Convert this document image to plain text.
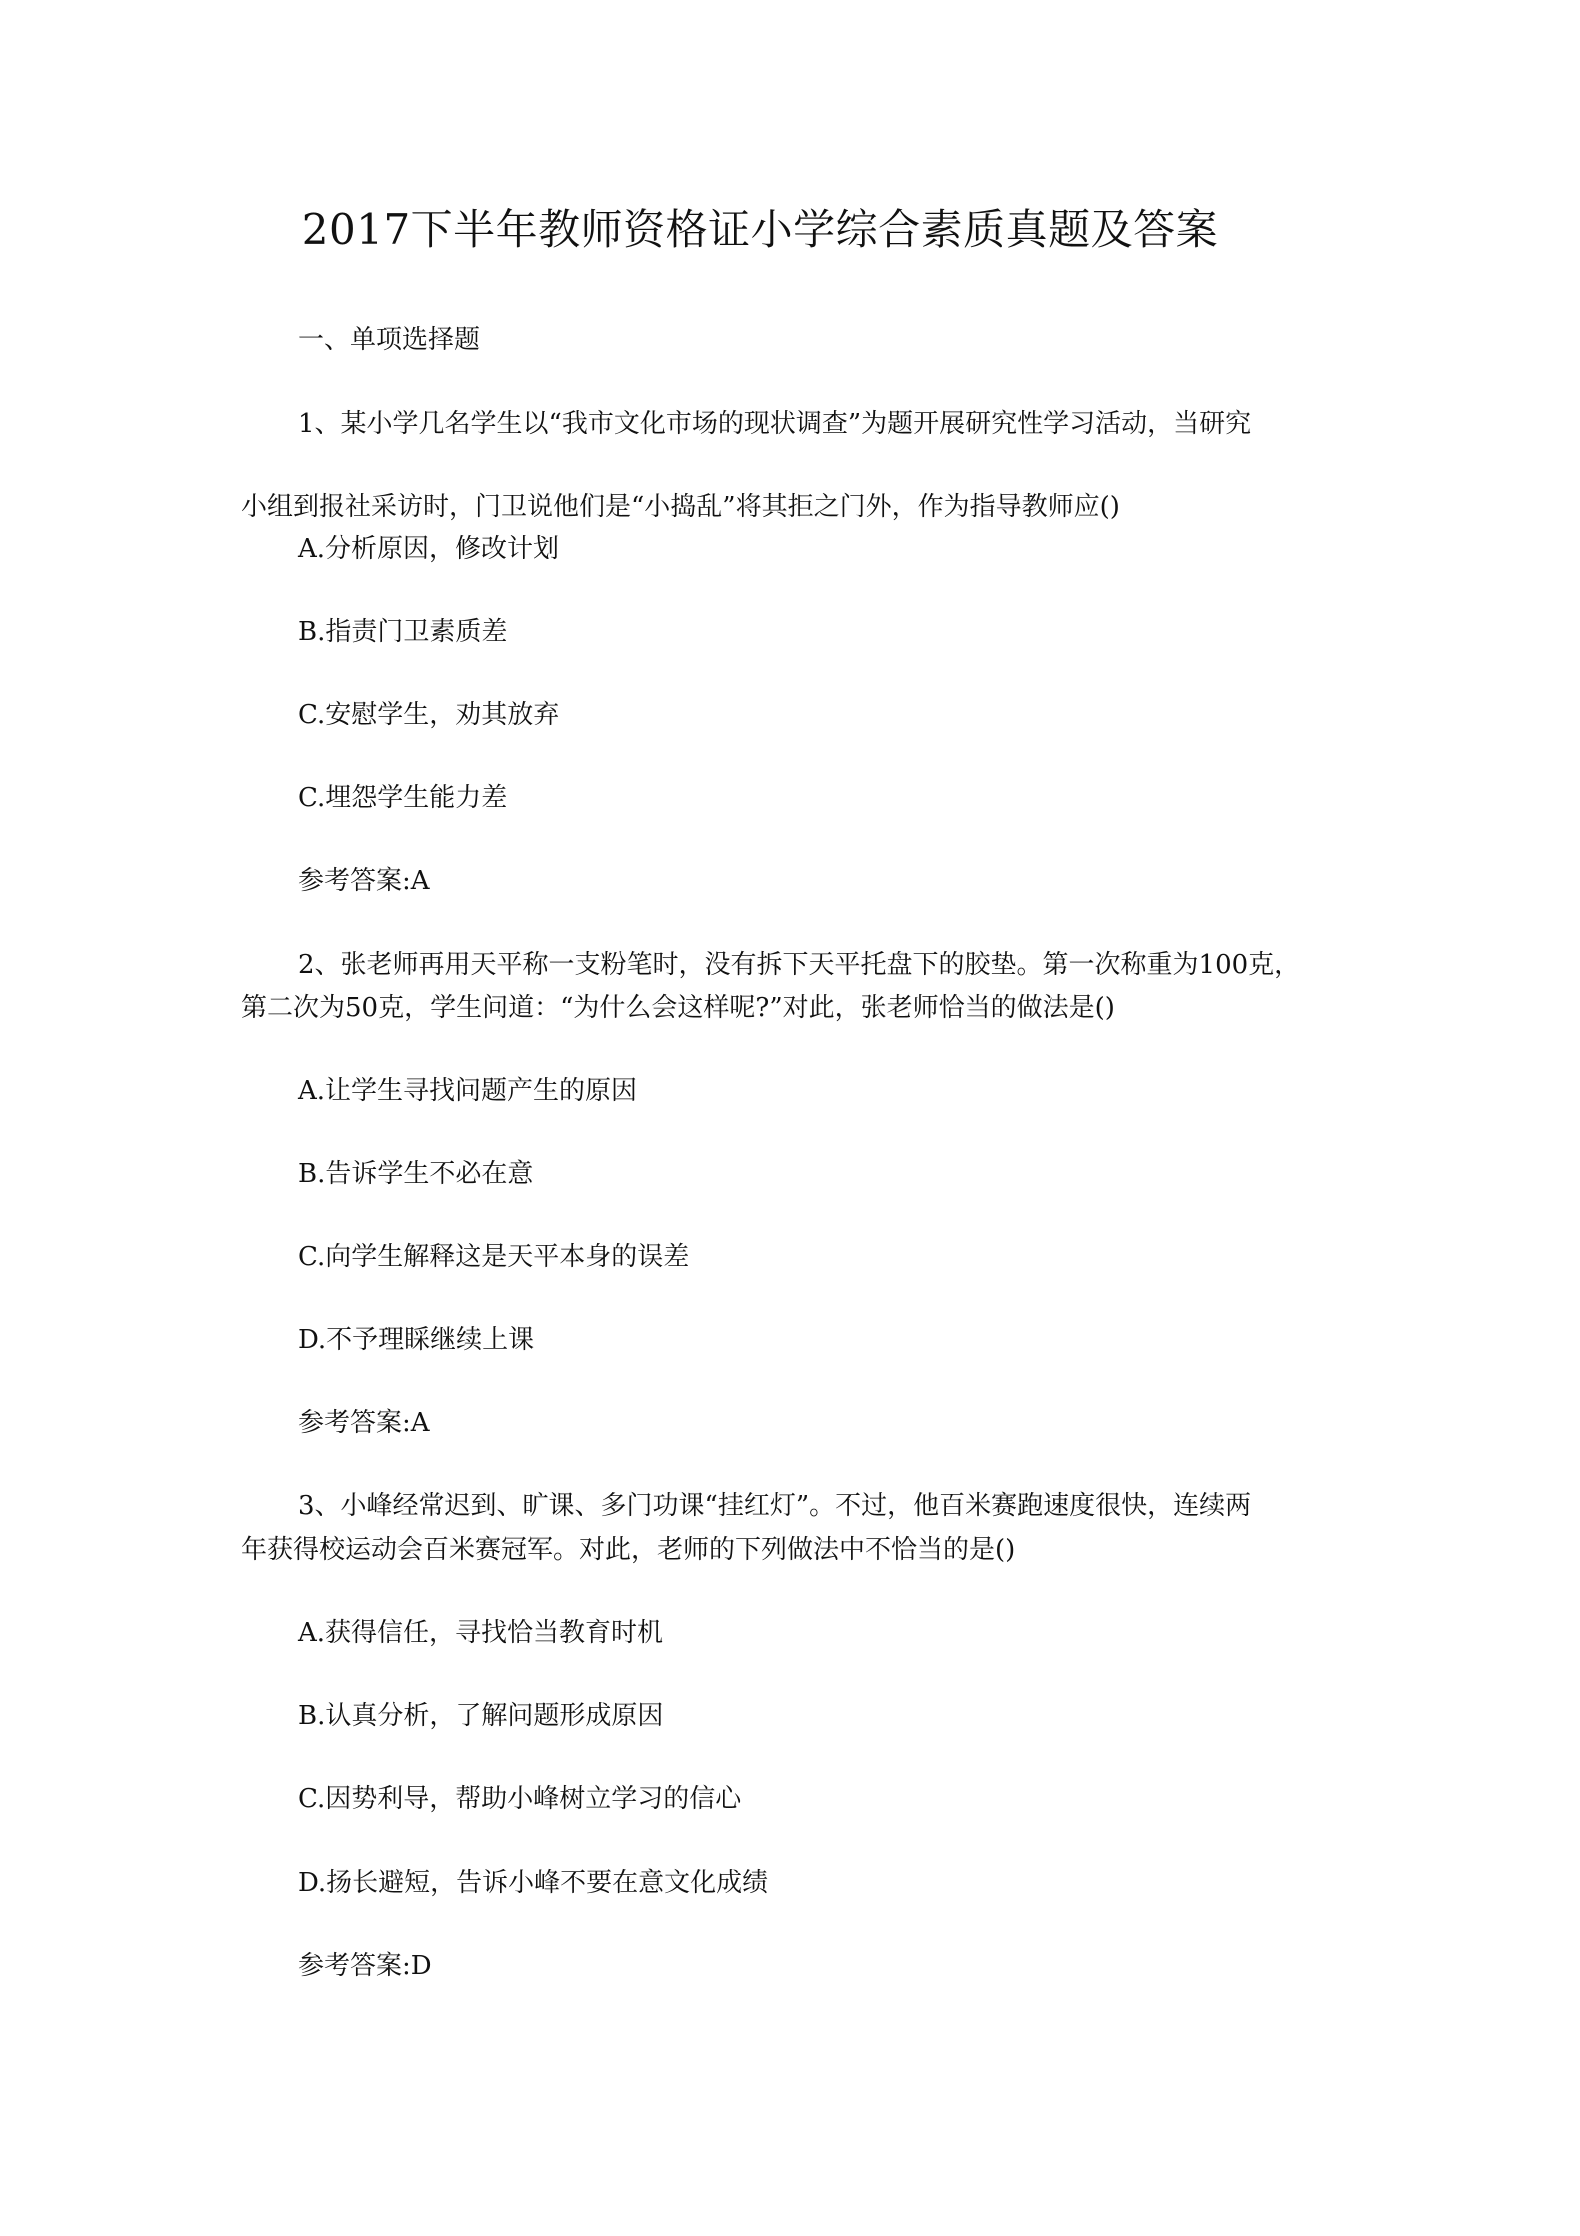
2017下半年教师资格证小学综合素质真题及答案

一、单项选择题

1、某小学几名学生以“我市文化市场的现状调查”为题开展研究性学习活动，当研究

小组到报社采访时，门卫说他们是“小捣乱”将其拒之门外，作为指导教师应()

A.分析原因，修改计划

B.指责门卫素质差

C.安慰学生，劝其放弃

C.埋怨学生能力差

参考答案:A

2、张老师再用天平称一支粉笔时，没有拆下天平托盘下的胶垫。第一次称重为100克，

第二次为50克，学生问道：“为什么会这样呢?”对此，张老师恰当的做法是()

A.让学生寻找问题产生的原因

B.告诉学生不必在意

C.向学生解释这是天平本身的误差

D.不予理睬继续上课

参考答案:A

3、小峰经常迟到、旷课、多门功课“挂红灯”。不过，他百米赛跑速度很快，连续两

年获得校运动会百米赛冠军。对此，老师的下列做法中不恰当的是()

A.获得信任，寻找恰当教育时机

B.认真分析，了解问题形成原因

C.因势利导，帮助小峰树立学习的信心

D.扬长避短，告诉小峰不要在意文化成绩

参考答案:D
